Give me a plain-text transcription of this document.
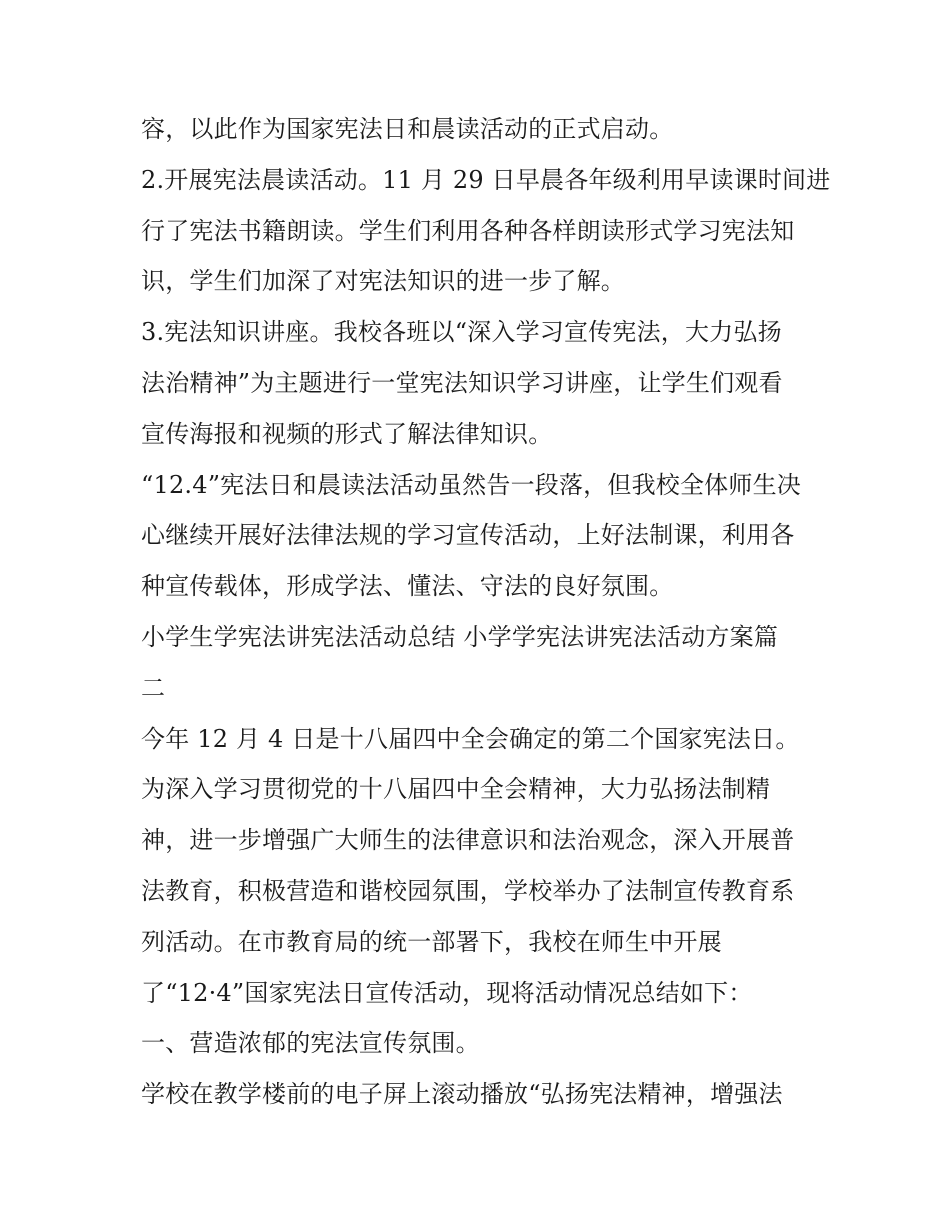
容，以此作为国家宪法日和晨读活动的正式启动。
2.开展宪法晨读活动。11 月 29 日早晨各年级利用早读课时间进
行了宪法书籍朗读。学生们利用各种各样朗读形式学习宪法知
识，学生们加深了对宪法知识的进一步了解。
3.宪法知识讲座。我校各班以“深入学习宣传宪法，大力弘扬
法治精神”为主题进行一堂宪法知识学习讲座，让学生们观看
宣传海报和视频的形式了解法律知识。
“12.4”宪法日和晨读法活动虽然告一段落，但我校全体师生决
心继续开展好法律法规的学习宣传活动，上好法制课，利用各
种宣传载体，形成学法、懂法、守法的良好氛围。
小学生学宪法讲宪法活动总结 小学学宪法讲宪法活动方案篇
二
今年 12 月 4 日是十八届四中全会确定的第二个国家宪法日。
为深入学习贯彻党的十八届四中全会精神，大力弘扬法制精
神，进一步增强广大师生的法律意识和法治观念，深入开展普
法教育，积极营造和谐校园氛围，学校举办了法制宣传教育系
列活动。在市教育局的统一部署下，我校在师生中开展
了“12·4”国家宪法日宣传活动，现将活动情况总结如下：
一、营造浓郁的宪法宣传氛围。
学校在教学楼前的电子屏上滚动播放“弘扬宪法精神，增强法
